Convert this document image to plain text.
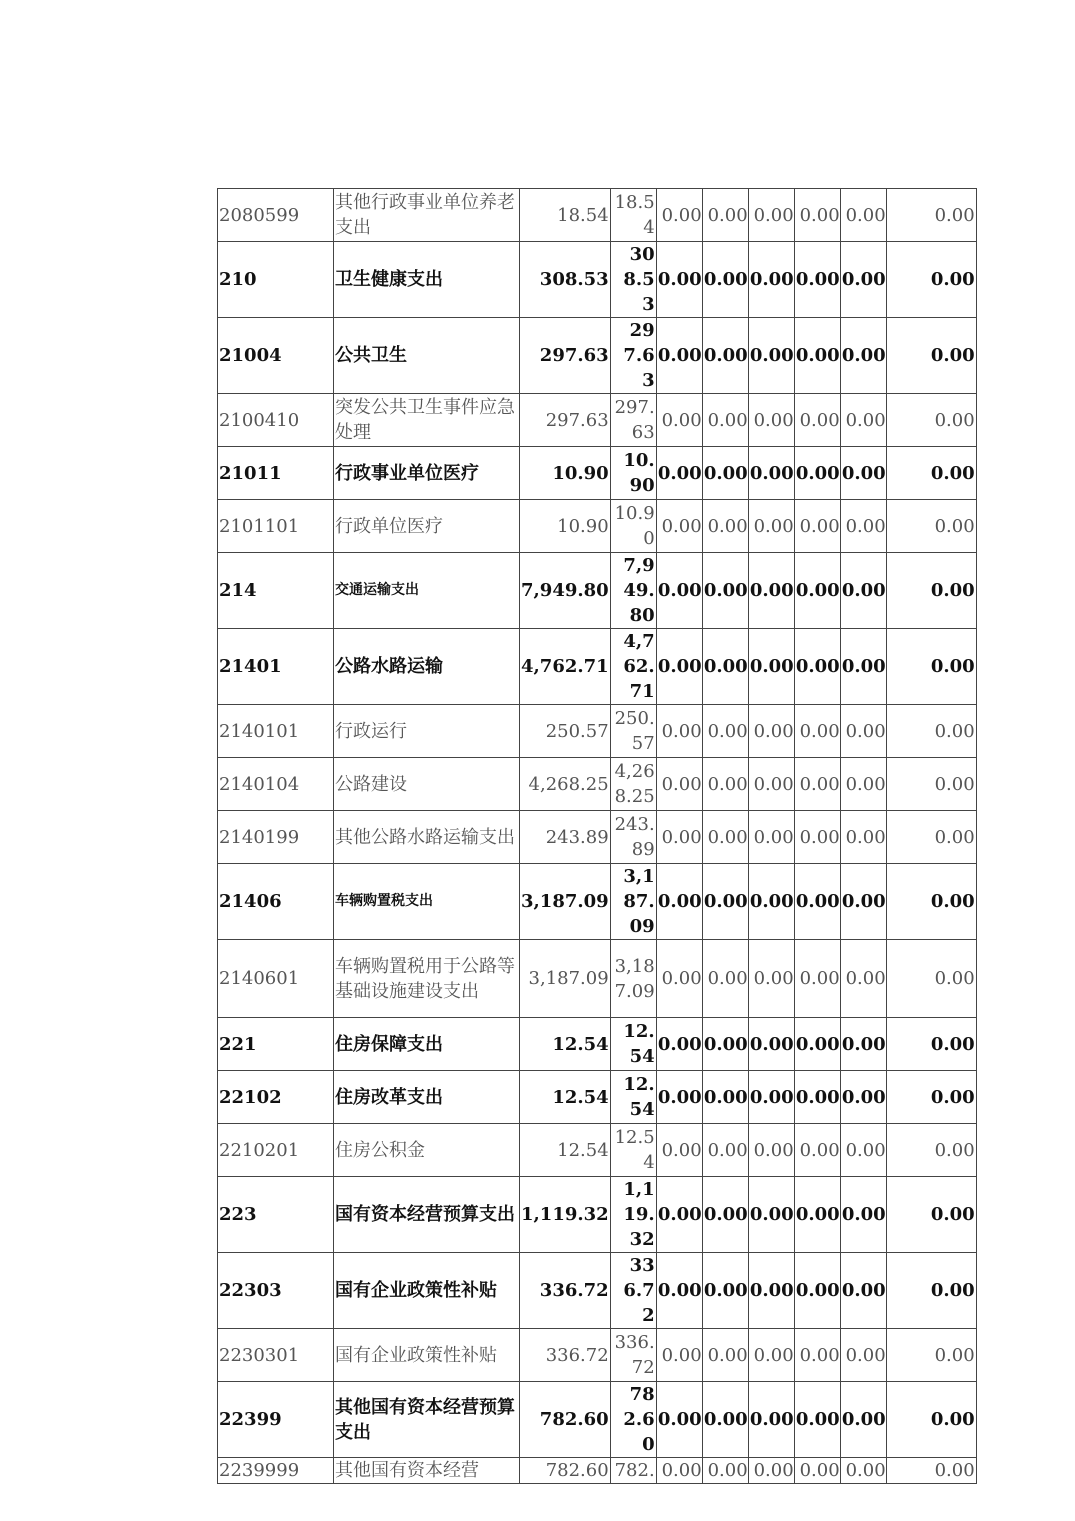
2080599	其他行政事业单位养老支出	18.54	18.54	0.00	0.00	0.00	0.00	0.00	0.00
210	卫生健康支出	308.53	308.53	0.00	0.00	0.00	0.00	0.00	0.00
21004	公共卫生	297.63	297.63	0.00	0.00	0.00	0.00	0.00	0.00
2100410	突发公共卫生事件应急处理	297.63	297.63	0.00	0.00	0.00	0.00	0.00	0.00
21011	行政事业单位医疗	10.90	10.90	0.00	0.00	0.00	0.00	0.00	0.00
2101101	行政单位医疗	10.90	10.90	0.00	0.00	0.00	0.00	0.00	0.00
214	交通运输支出	7,949.80	7,949.80	0.00	0.00	0.00	0.00	0.00	0.00
21401	公路水路运输	4,762.71	4,762.71	0.00	0.00	0.00	0.00	0.00	0.00
2140101	行政运行	250.57	250.57	0.00	0.00	0.00	0.00	0.00	0.00
2140104	公路建设	4,268.25	4,268.25	0.00	0.00	0.00	0.00	0.00	0.00
2140199	其他公路水路运输支出	243.89	243.89	0.00	0.00	0.00	0.00	0.00	0.00
21406	车辆购置税支出	3,187.09	3,187.09	0.00	0.00	0.00	0.00	0.00	0.00
2140601	车辆购置税用于公路等基础设施建设支出	3,187.09	3,187.09	0.00	0.00	0.00	0.00	0.00	0.00
221	住房保障支出	12.54	12.54	0.00	0.00	0.00	0.00	0.00	0.00
22102	住房改革支出	12.54	12.54	0.00	0.00	0.00	0.00	0.00	0.00
2210201	住房公积金	12.54	12.54	0.00	0.00	0.00	0.00	0.00	0.00
223	国有资本经营预算支出	1,119.32	1,119.32	0.00	0.00	0.00	0.00	0.00	0.00
22303	国有企业政策性补贴	336.72	336.72	0.00	0.00	0.00	0.00	0.00	0.00
2230301	国有企业政策性补贴	336.72	336.72	0.00	0.00	0.00	0.00	0.00	0.00
22399	其他国有资本经营预算支出	782.60	782.60	0.00	0.00	0.00	0.00	0.00	0.00
2239999	其他国有资本经营	782.60	782.	0.00	0.00	0.00	0.00	0.00	0.00
